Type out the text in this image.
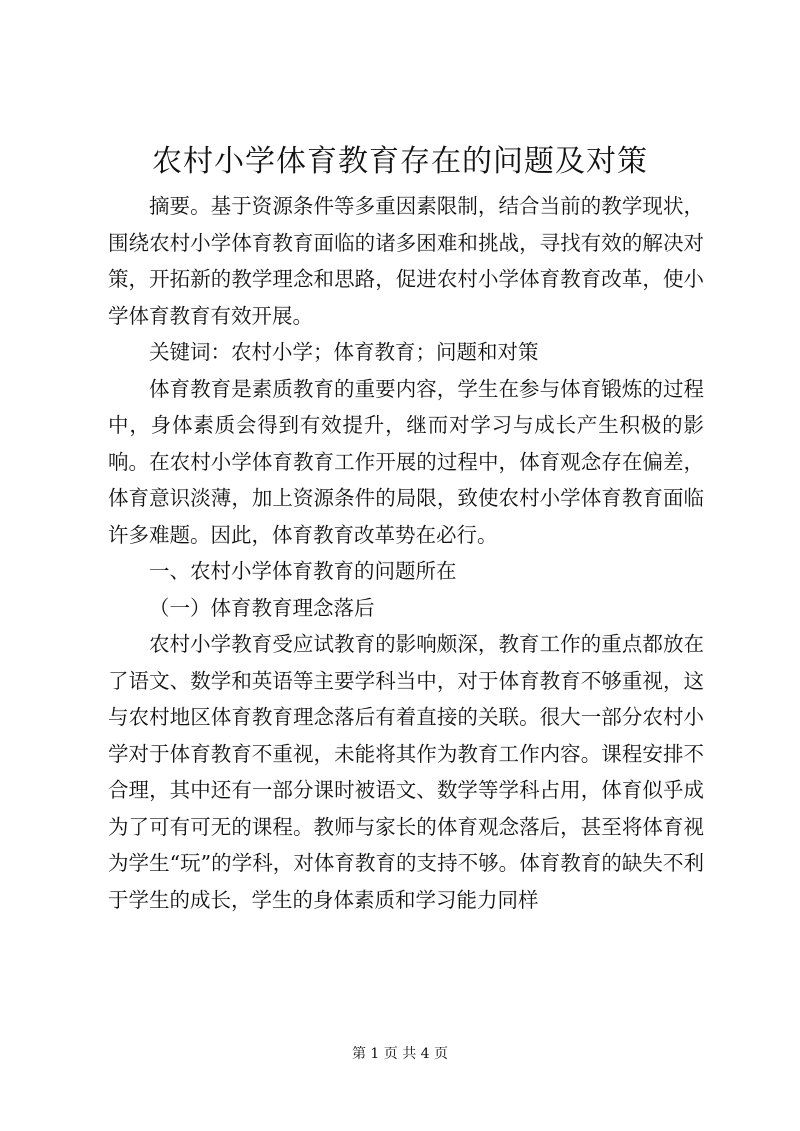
农村小学体育教育存在的问题及对策

摘要。基于资源条件等多重因素限制，结合当前的教学现状，围绕农村小学体育教育面临的诸多困难和挑战，寻找有效的解决对策，开拓新的教学理念和思路，促进农村小学体育教育改革，使小学体育教育有效开展。

关键词：农村小学；体育教育；问题和对策

体育教育是素质教育的重要内容，学生在参与体育锻炼的过程中，身体素质会得到有效提升，继而对学习与成长产生积极的影响。在农村小学体育教育工作开展的过程中，体育观念存在偏差，体育意识淡薄，加上资源条件的局限，致使农村小学体育教育面临许多难题。因此，体育教育改革势在必行。

一、农村小学体育教育的问题所在

（一）体育教育理念落后

农村小学教育受应试教育的影响颇深，教育工作的重点都放在了语文、数学和英语等主要学科当中，对于体育教育不够重视，这与农村地区体育教育理念落后有着直接的关联。很大一部分农村小学对于体育教育不重视，未能将其作为教育工作内容。课程安排不合理，其中还有一部分课时被语文、数学等学科占用，体育似乎成为了可有可无的课程。教师与家长的体育观念落后，甚至将体育视为学生“玩”的学科，对体育教育的支持不够。体育教育的缺失不利于学生的成长，学生的身体素质和学习能力同样

第 1 页 共 4 页
